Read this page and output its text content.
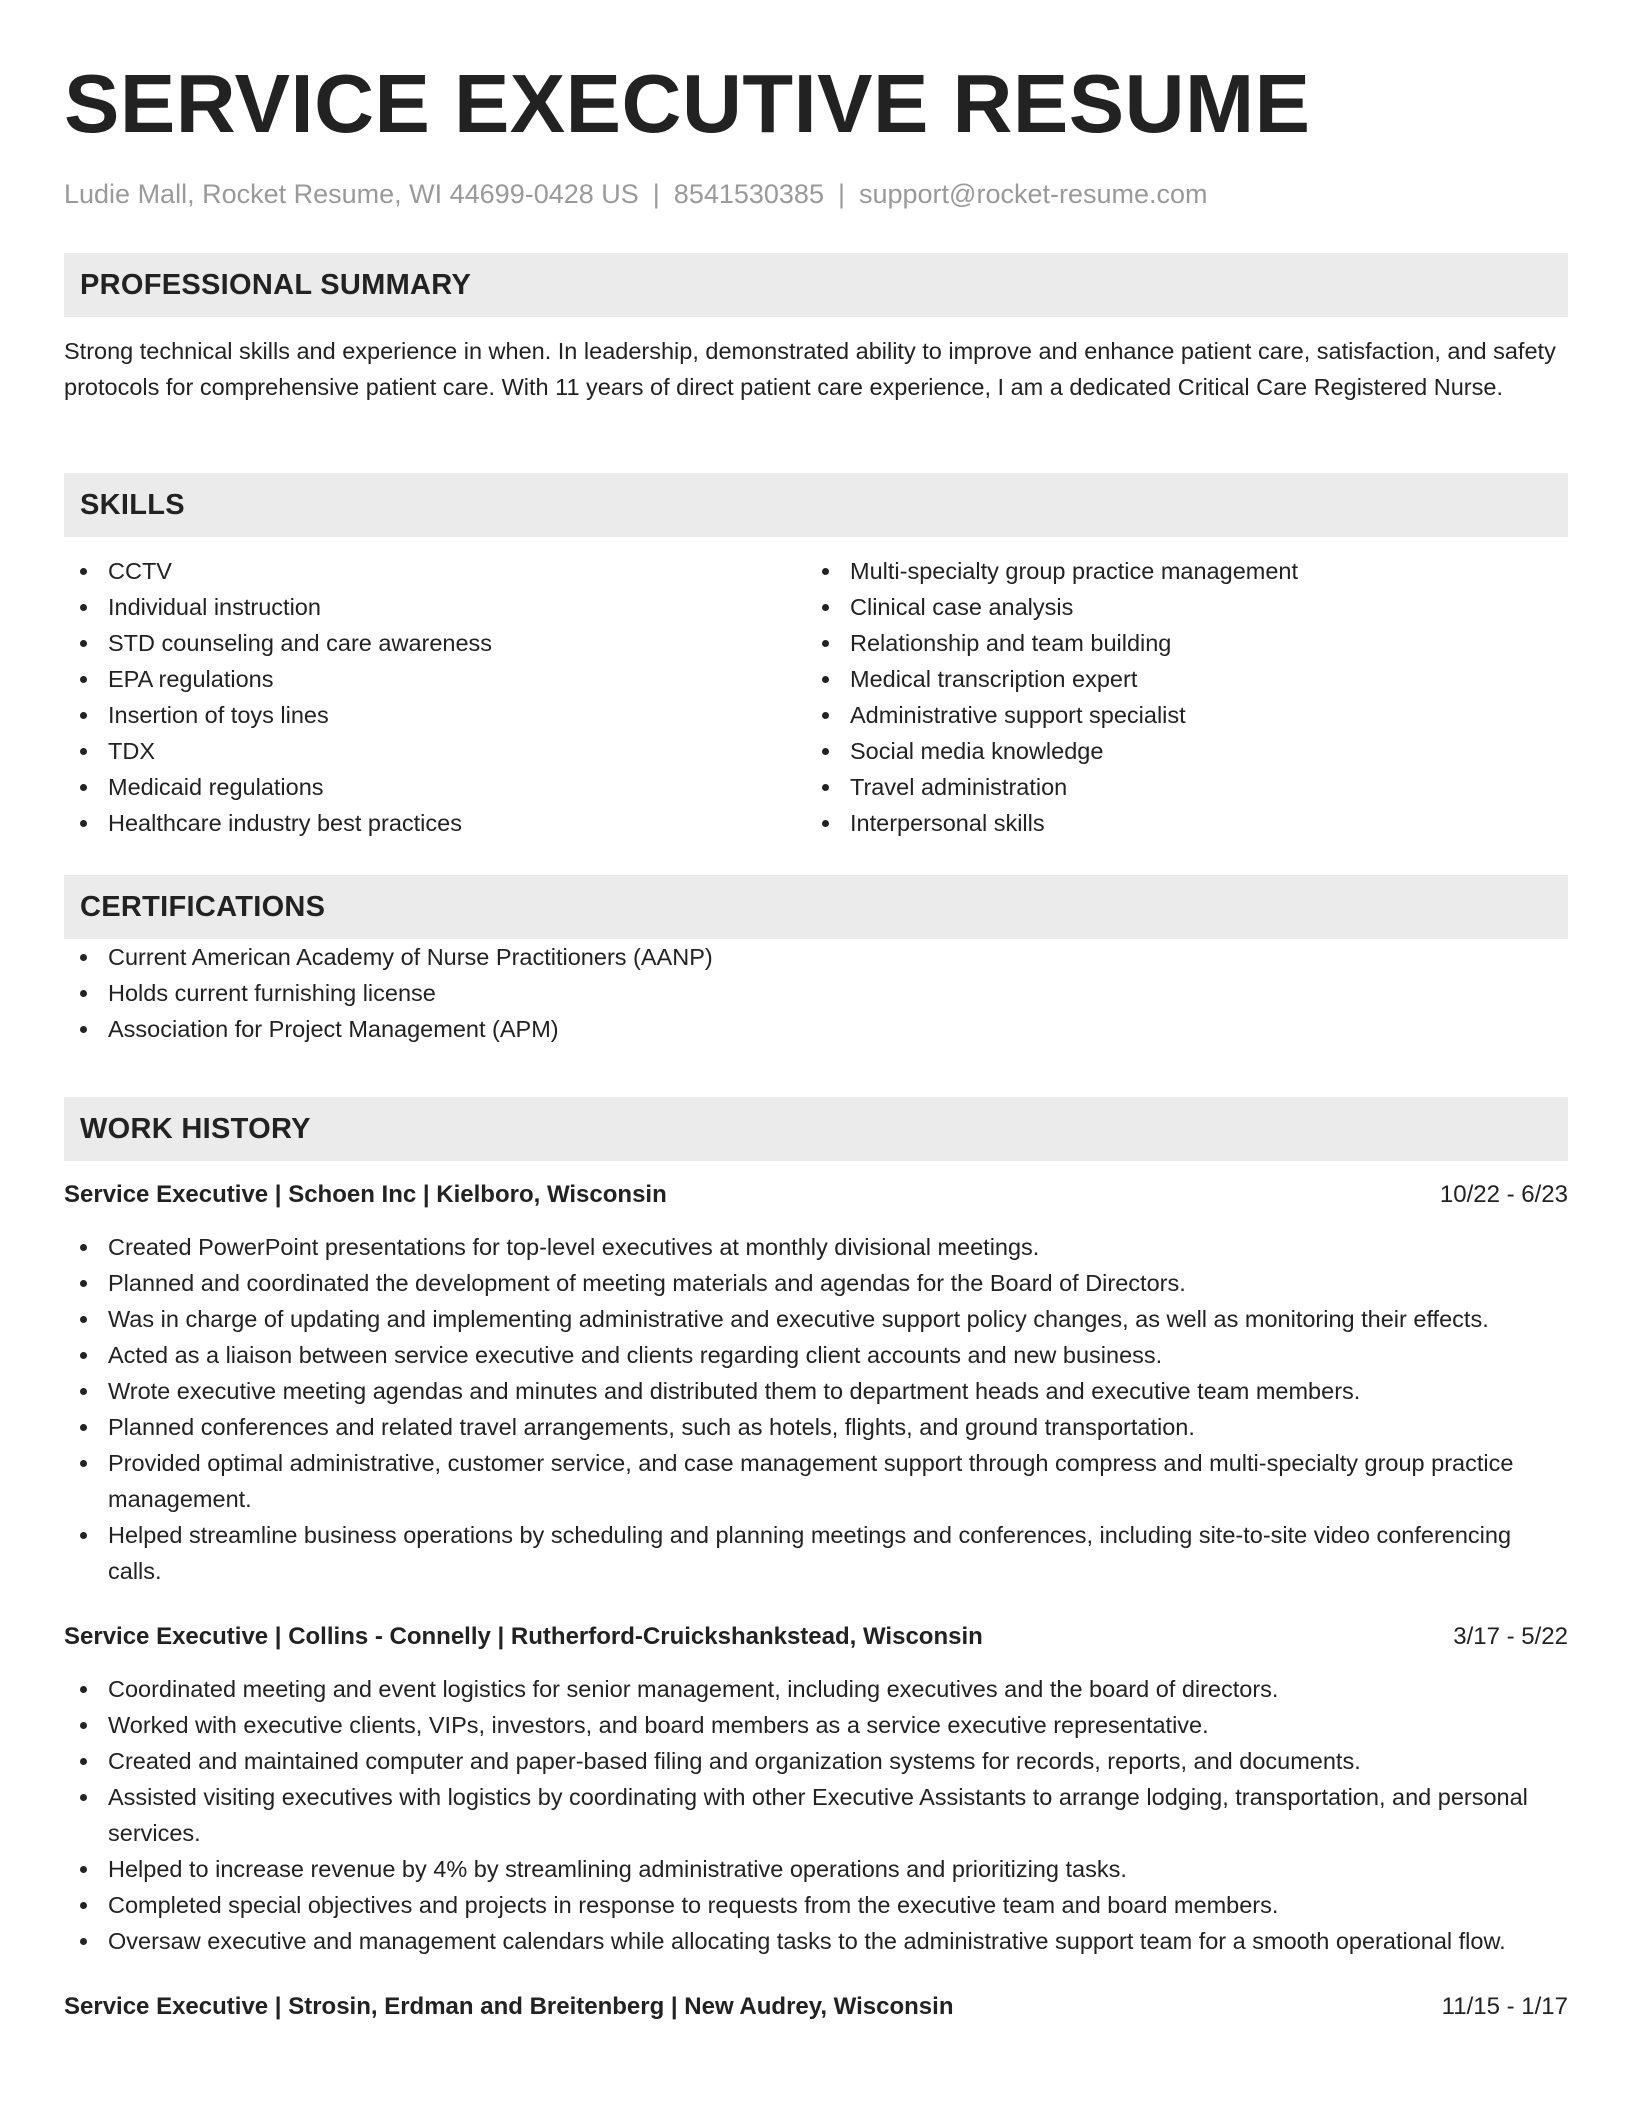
SERVICE EXECUTIVE RESUME
Ludie Mall, Rocket Resume, WI 44699-0428 US | 8541530385 | support@rocket-resume.com
PROFESSIONAL SUMMARY
Strong technical skills and experience in when. In leadership, demonstrated ability to improve and enhance patient care, satisfaction, and safety protocols for comprehensive patient care. With 11 years of direct patient care experience, I am a dedicated Critical Care Registered Nurse.
SKILLS
CCTV
Individual instruction
STD counseling and care awareness
EPA regulations
Insertion of toys lines
TDX
Medicaid regulations
Healthcare industry best practices
Multi-specialty group practice management
Clinical case analysis
Relationship and team building
Medical transcription expert
Administrative support specialist
Social media knowledge
Travel administration
Interpersonal skills
CERTIFICATIONS
Current American Academy of Nurse Practitioners (AANP)
Holds current furnishing license
Association for Project Management (APM)
WORK HISTORY
Service Executive | Schoen Inc | Kielboro, Wisconsin	10/22 - 6/23
Created PowerPoint presentations for top-level executives at monthly divisional meetings.
Planned and coordinated the development of meeting materials and agendas for the Board of Directors.
Was in charge of updating and implementing administrative and executive support policy changes, as well as monitoring their effects.
Acted as a liaison between service executive and clients regarding client accounts and new business.
Wrote executive meeting agendas and minutes and distributed them to department heads and executive team members.
Planned conferences and related travel arrangements, such as hotels, flights, and ground transportation.
Provided optimal administrative, customer service, and case management support through compress and multi-specialty group practice management.
Helped streamline business operations by scheduling and planning meetings and conferences, including site-to-site video conferencing calls.
Service Executive | Collins - Connelly | Rutherford-Cruickshankstead, Wisconsin	3/17 - 5/22
Coordinated meeting and event logistics for senior management, including executives and the board of directors.
Worked with executive clients, VIPs, investors, and board members as a service executive representative.
Created and maintained computer and paper-based filing and organization systems for records, reports, and documents.
Assisted visiting executives with logistics by coordinating with other Executive Assistants to arrange lodging, transportation, and personal services.
Helped to increase revenue by 4% by streamlining administrative operations and prioritizing tasks.
Completed special objectives and projects in response to requests from the executive team and board members.
Oversaw executive and management calendars while allocating tasks to the administrative support team for a smooth operational flow.
Service Executive | Strosin, Erdman and Breitenberg | New Audrey, Wisconsin	11/15 - 1/17
